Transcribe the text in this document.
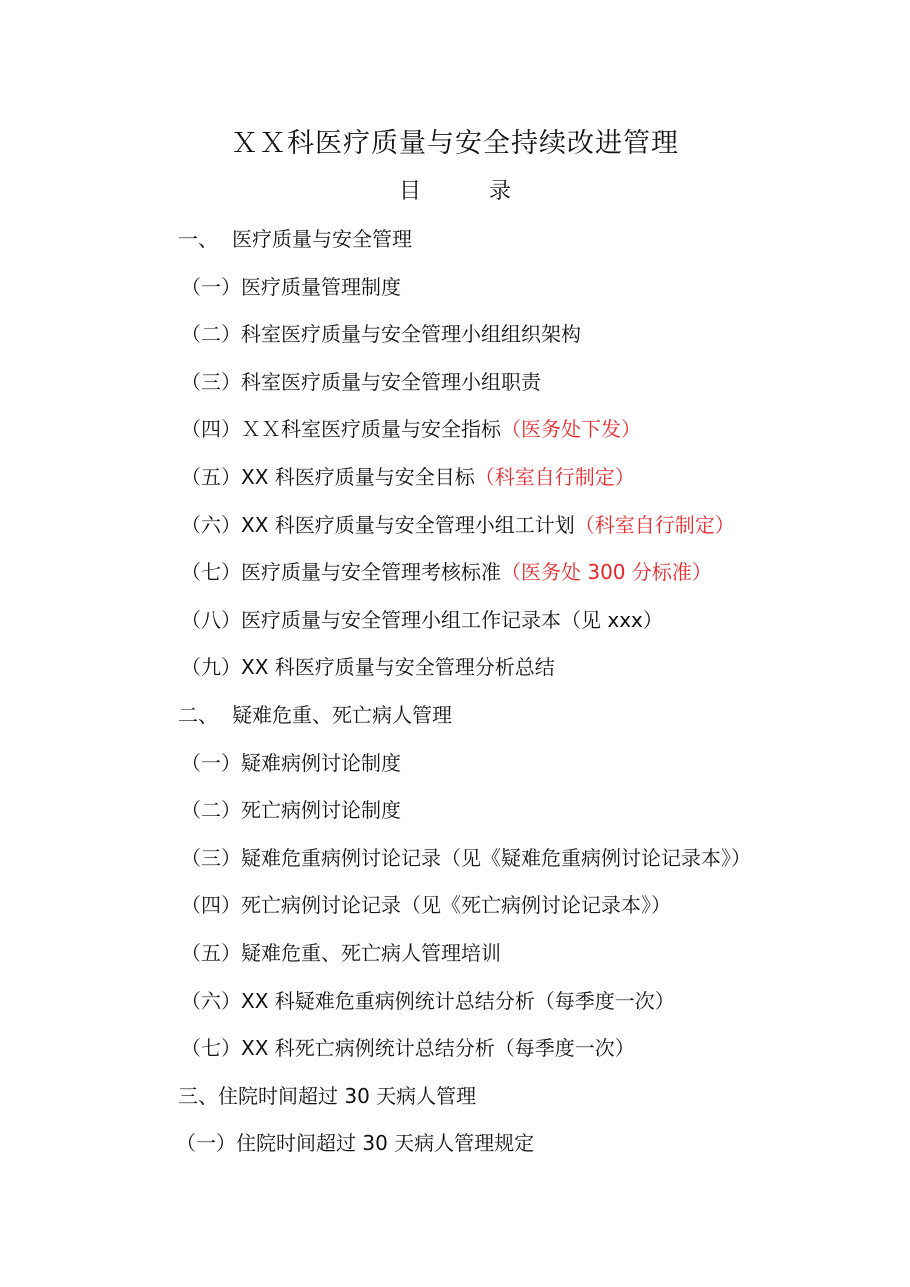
ＸＸ科医疗质量与安全持续改进管理
目	录
一、 医疗质量与安全管理
（一）医疗质量管理制度
（二）科室医疗质量与安全管理小组组织架构
（三）科室医疗质量与安全管理小组职责
（四）ＸＸ科室医疗质量与安全指标（医务处下发）
（五）XX 科医疗质量与安全目标（科室自行制定）
（六）XX 科医疗质量与安全管理小组工计划（科室自行制定）
（七）医疗质量与安全管理考核标准（医务处 300 分标准）
（八）医疗质量与安全管理小组工作记录本（见 xxx）
（九）XX 科医疗质量与安全管理分析总结
二、 疑难危重、死亡病人管理
（一）疑难病例讨论制度
（二）死亡病例讨论制度
（三）疑难危重病例讨论记录（见《疑难危重病例讨论记录本》）
（四）死亡病例讨论记录（见《死亡病例讨论记录本》）
（五）疑难危重、死亡病人管理培训
（六）XX 科疑难危重病例统计总结分析（每季度一次）
（七）XX 科死亡病例统计总结分析（每季度一次）
三、住院时间超过 30 天病人管理
（一）住院时间超过 30 天病人管理规定
